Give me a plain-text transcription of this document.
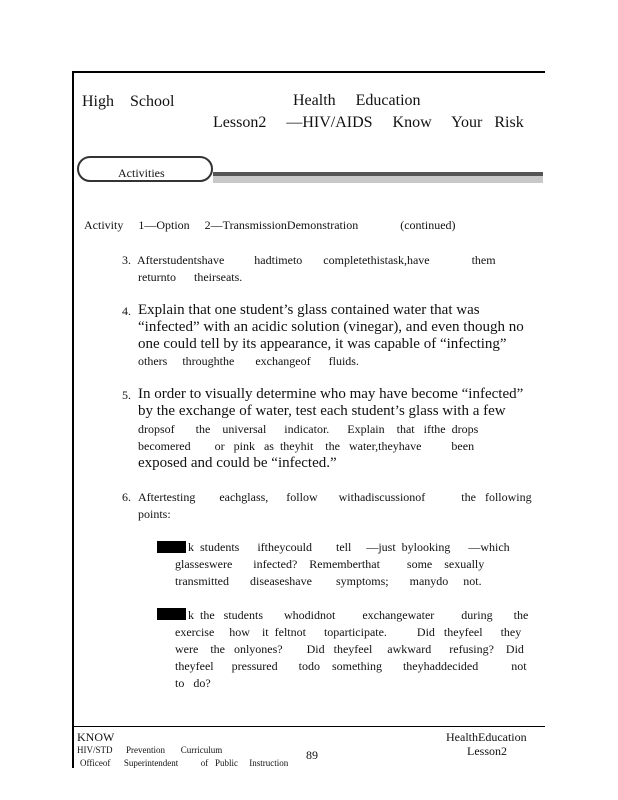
High    School	Health     Education
Lesson2     —HIV/AIDS     Know     Your   Risk
Activities
Activity     1—Option     2—TransmissionDemonstration              (continued)
3. Afterstudentshave          hadtimeto       completethistask,have              them
returnto      theirseats.
4. Explain that one student’s glass contained water that was
“infected” with an acidic solution (vinegar), and even though no
one could tell by its appearance, it was capable of “infecting”
others     throughthe       exchangeof      fluids.
5. In order to visually determine who may have become “infected”
by the exchange of water, test each student’s glass with a few
dropsof       the    universal      indicator.      Explain    that   ifthe  drops
becomered        or   pink   as  theyhit    the   water,theyhave          been
exposed and could be “infected.”
6. Aftertesting        eachglass,      follow       withadiscussionof            the   following
points:
k  students      iftheycould        tell     —just  bylooking      —which
glasseswere       infected?    Rememberthat         some    sexually
transmitted       diseaseshave        symptoms;       manydo     not.
k  the   students       whodidnot         exchangewater         during       the
exercise     how    it  feltnot      toparticipate.          Did   theyfeel      they
were    the   onlyones?        Did   theyfeel     awkward      refusing?    Did
theyfeel      pressured       todo    something       theyhaddecided           not
to   do?
KNOW
HIV/STD      Prevention       Curriculum
Officeof      Superintendent          of   Public     Instruction
89
HealthEducation
Lesson2
